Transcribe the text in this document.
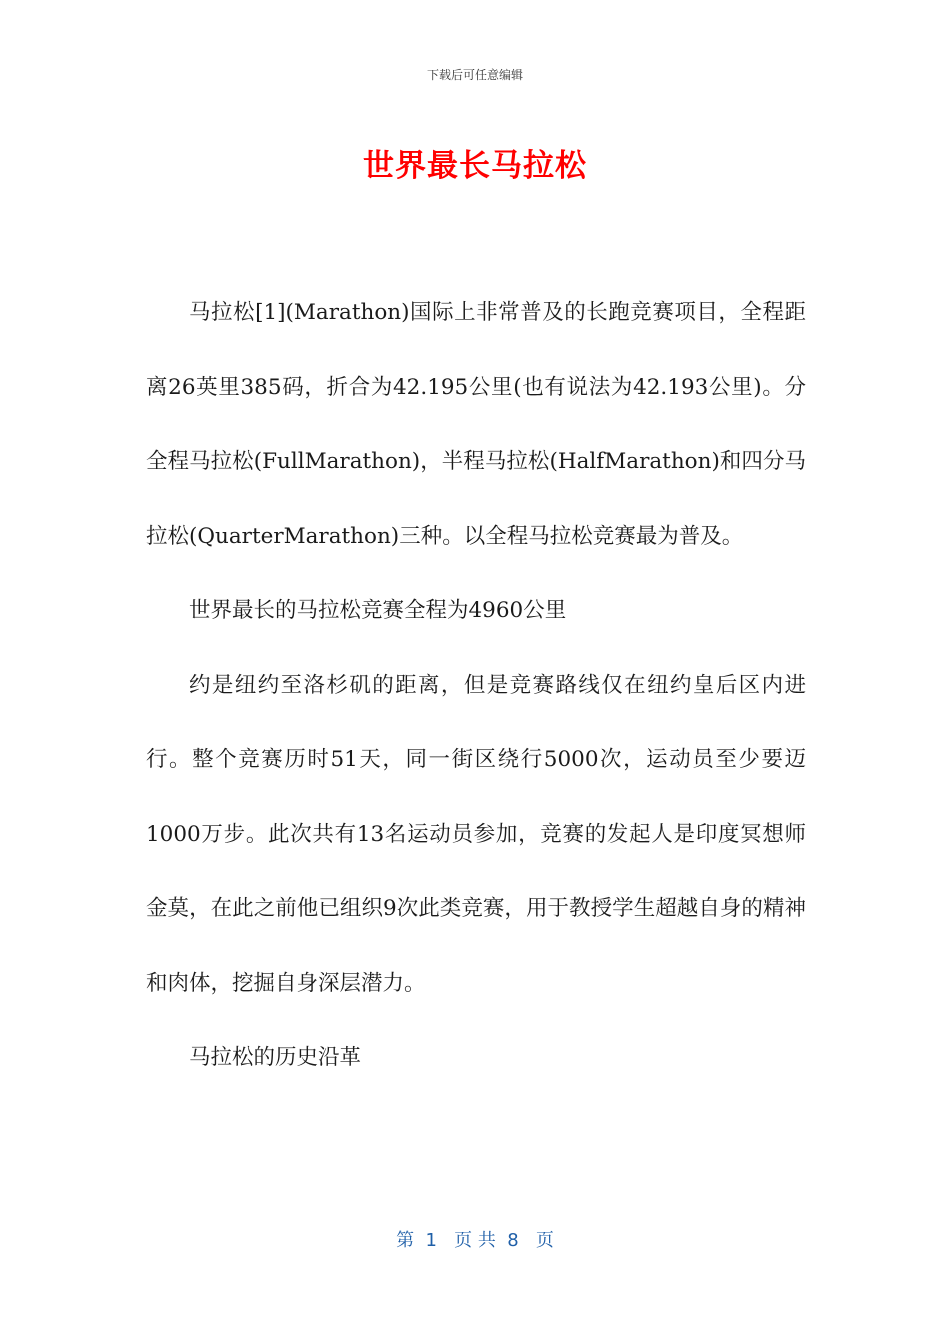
下载后可任意编辑
世界最长马拉松

马拉松[1](Marathon)国际上非常普及的长跑竞赛项目，全程距离26英里385码，折合为42.195公里(也有说法为42.193公里)。分全程马拉松(FullMarathon)，半程马拉松(HalfMarathon)和四分马拉松(QuarterMarathon)三种。以全程马拉松竞赛最为普及。

世界最长的马拉松竞赛全程为4960公里

约是纽约至洛杉矶的距离，但是竞赛路线仅在纽约皇后区内进行。整个竞赛历时51天，同一街区绕行5000次，运动员至少要迈1000万步。此次共有13名运动员参加，竞赛的发起人是印度冥想师金莫，在此之前他已组织9次此类竞赛，用于教授学生超越自身的精神和肉体，挖掘自身深层潜力。

马拉松的历史沿革

第  1   页 共  8   页
